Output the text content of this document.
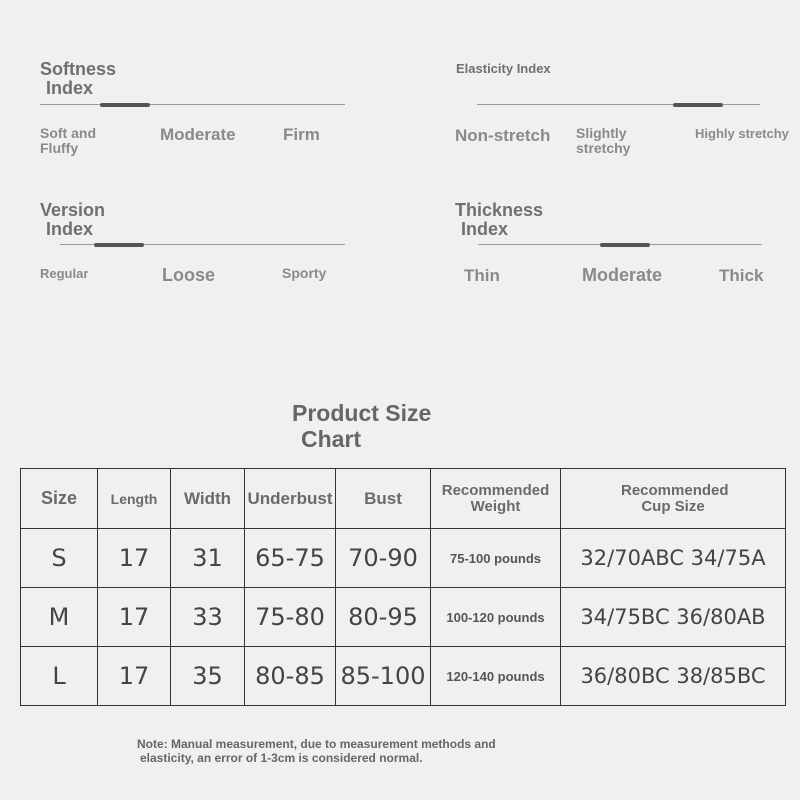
Softness
Index
Soft and Fluffy
Moderate	Firm
Elasticity Index
Non-stretch Slightly stretchy
Highly stretchy
Version
Index
Regular	Loose	Sporty
Thickness
Index
Thin	Moderate	Thick
Product Size
Chart
Size	Length	Width	Underbust	Bust	Recommended Weight	Recommended Cup Size
S	17	31	65-75	70-90	75-100 pounds	32/70ABC 34/75A
M	17	33	75-80	80-95	100-120 pounds	34/75BC 36/80AB
L	17	35	80-85	85-100	120-140 pounds	36/80BC 38/85BC
Note: Manual measurement, due to measurement methods and
elasticity, an error of 1-3cm is considered normal.
